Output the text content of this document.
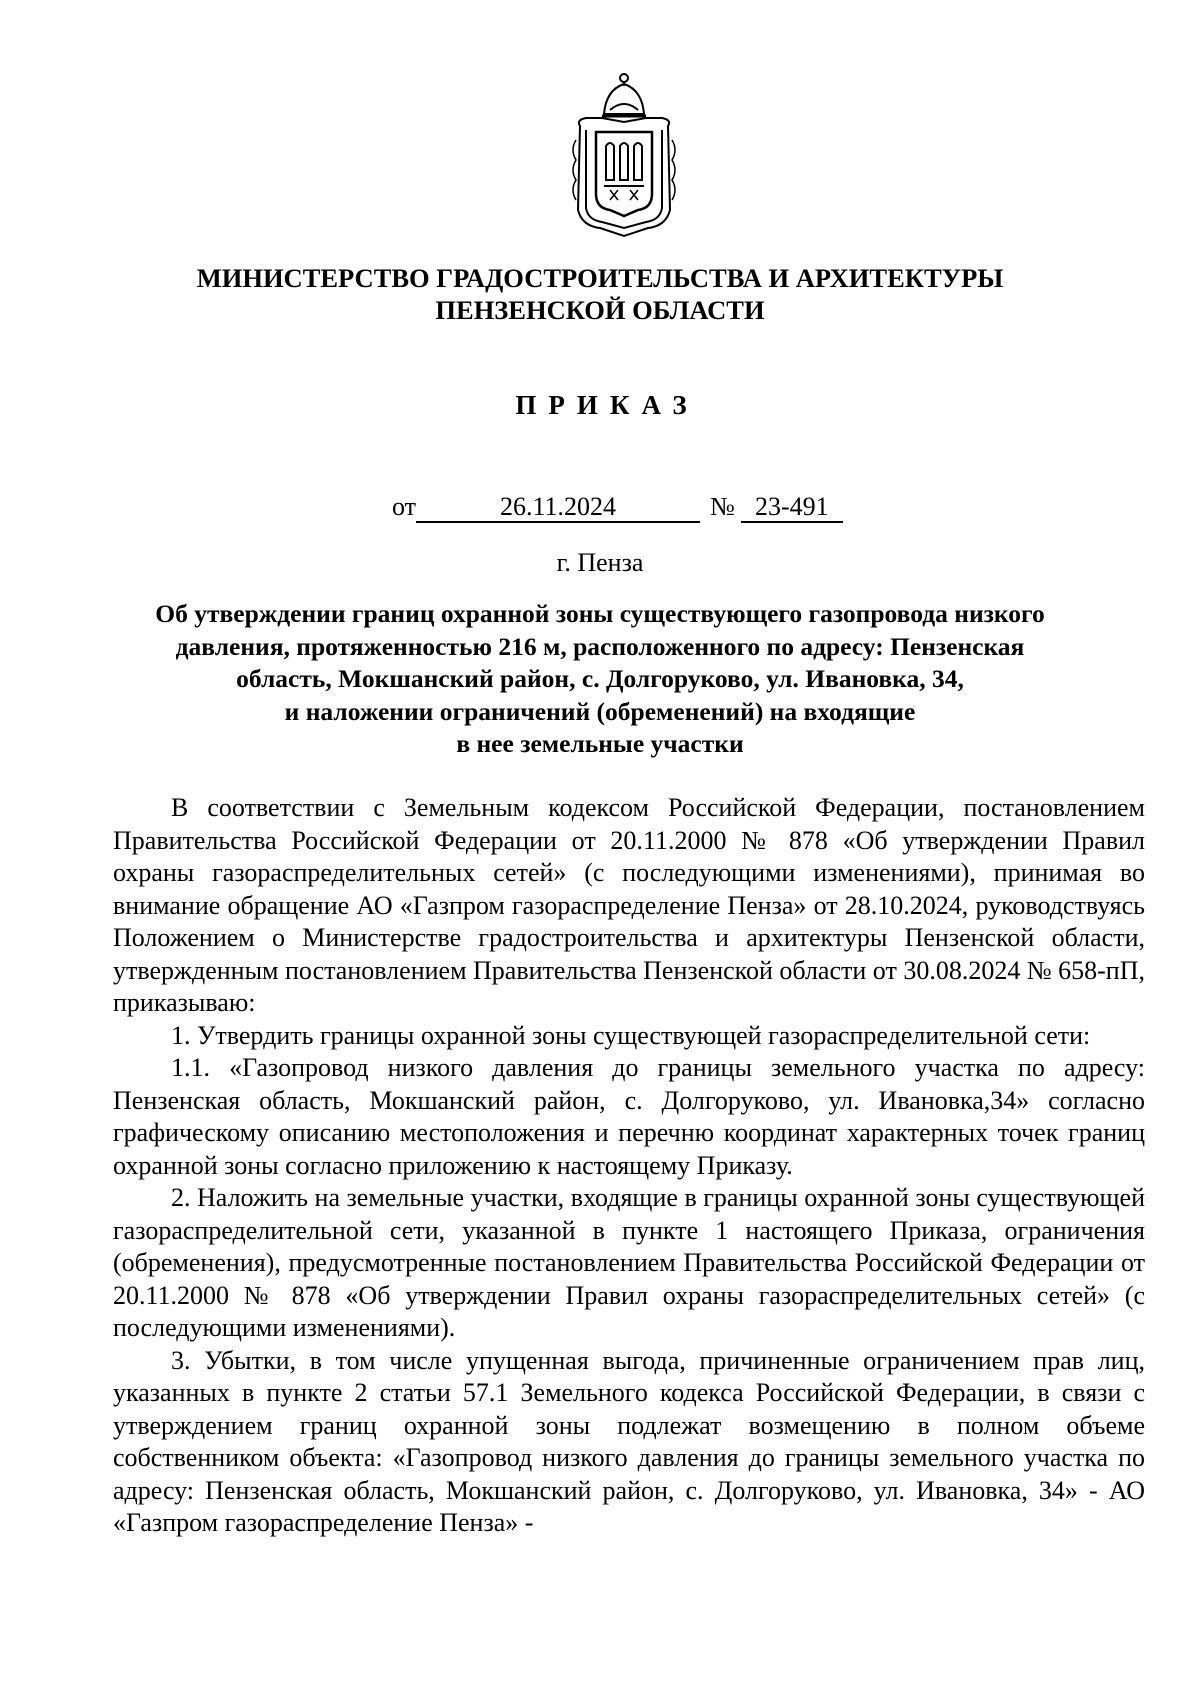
МИНИСТЕРСТВО ГРАДОСТРОИТЕЛЬСТВА И АРХИТЕКТУРЫ
ПЕНЗЕНСКОЙ ОБЛАСТИ
ПРИКАЗ
от	26.11.2024	№ 23-491
г. Пенза
Об утверждении границ охранной зоны существующего газопровода низкого
давления, протяженностью 216 м, расположенного по адресу: Пензенская
область, Мокшанский район, с. Долгоруково, ул. Ивановка, 34,
и наложении ограничений (обременений) на входящие
в нее земельные участки

В соответствии с Земельным кодексом Российской Федерации, постановлением Правительства Российской Федерации от 20.11.2000 № 878 «Об утверждении Правил охраны газораспределительных сетей» (с последующими изменениями), принимая во внимание обращение АО «Газпром газораспределение Пенза» от 28.10.2024, руководствуясь Положением о Министерстве градостроительства и архитектуры Пензенской области, утвержденным постановлением Правительства Пензенской области от 30.08.2024 № 658-пП, приказываю:

1. Утвердить границы охранной зоны существующей газораспределительной сети:

1.1. «Газопровод низкого давления до границы земельного участка по адресу: Пензенская область, Мокшанский район, с. Долгоруково, ул. Ивановка,34» согласно графическому описанию местоположения и перечню координат характерных точек границ охранной зоны согласно приложению к настоящему Приказу.

2. Наложить на земельные участки, входящие в границы охранной зоны существующей газораспределительной сети, указанной в пункте 1 настоящего Приказа, ограничения (обременения), предусмотренные постановлением Правительства Российской Федерации от 20.11.2000 № 878 «Об утверждении Правил охраны газораспределительных сетей» (с последующими изменениями).

3. Убытки, в том числе упущенная выгода, причиненные ограничением прав лиц, указанных в пункте 2 статьи 57.1 Земельного кодекса Российской Федерации, в связи с утверждением границ охранной зоны подлежат возмещению в полном объеме собственником объекта: «Газопровод низкого давления до границы земельного участка по адресу: Пензенская область, Мокшанский район, с. Долгоруково, ул. Ивановка, 34» - АО «Газпром газораспределение Пенза» -
